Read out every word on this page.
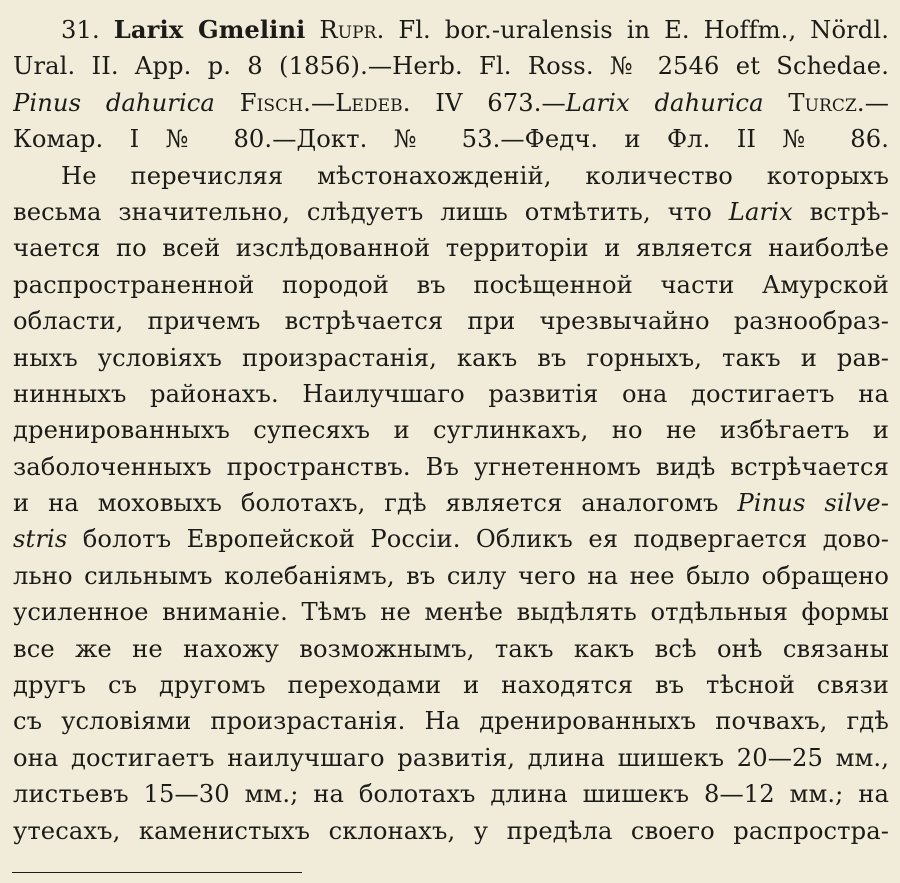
31. Larix Gmelini Rupr. Fl. bor.-uralensis in E. Hoffm., Nördl.
Ural. II. App. p. 8 (1856).—Herb. Fl. Ross. № 2546 et Schedae.
Pinus dahurica Fisch.—Ledeb. IV 673.—Larix dahurica Turcz.—
Комар. I № 80.—Докт. № 53.—Федч. и Фл. II № 86.
Не перечисляя мѣстонахожденій, количество которыхъ
весьма значительно, слѣдуетъ лишь отмѣтить, что Larix встрѣ-
чается по всей изслѣдованной территоріи и является наиболѣе
распространенной породой въ посѣщенной части Амурской
области, причемъ встрѣчается при чрезвычайно разнообраз-
ныхъ условіяхъ произрастанія, какъ въ горныхъ, такъ и рав-
нинныхъ районахъ. Наилучшаго развитія она достигаетъ на
дренированныхъ супесяхъ и суглинкахъ, но не избѣгаетъ и
заболоченныхъ пространствъ. Въ угнетенномъ видѣ встрѣчается
и на моховыхъ болотахъ, гдѣ является аналогомъ Pinus silve-
stris болотъ Европейской Россіи. Обликъ ея подвергается дово-
льно сильнымъ колебаніямъ, въ силу чего на нее было обращено
усиленное вниманіе. Тѣмъ не менѣе выдѣлять отдѣльныя формы
все же не нахожу возможнымъ, такъ какъ всѣ онѣ связаны
другъ съ другомъ переходами и находятся въ тѣсной связи
съ условіями произрастанія. На дренированныхъ почвахъ, гдѣ
она достигаетъ наилучшаго развитія, длина шишекъ 20—25 мм.,
листьевъ 15—30 мм.; на болотахъ длина шишекъ 8—12 мм.; на
утесахъ, каменистыхъ склонахъ, у предѣла своего распростра-
